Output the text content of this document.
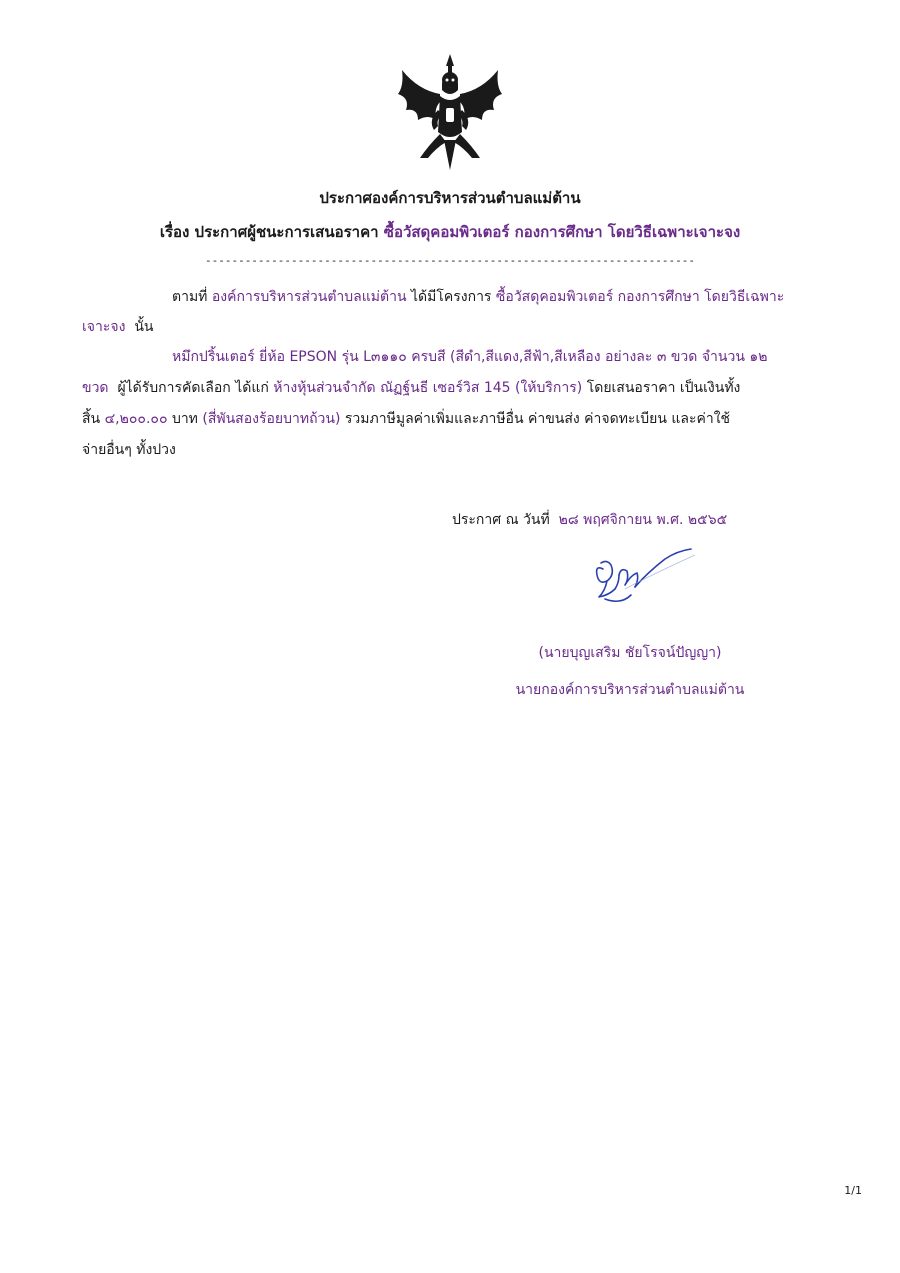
ประกาศองค์การบริหารส่วนตำบลแม่ต้าน
เรื่อง ประกาศผู้ชนะการเสนอราคา ซื้อวัสดุคอมพิวเตอร์ กองการศึกษา โดยวิธีเฉพาะเจาะจง
--------------------------------------------------------------------------
ตามที่ องค์การบริหารส่วนตำบลแม่ต้าน ได้มีโครงการ ซื้อวัสดุคอมพิวเตอร์ กองการศึกษา โดยวิธีเฉพาะ
เจาะจง นั้น
หมึกปริ้นเตอร์ ยี่ห้อ EPSON รุ่น L๓๑๑๐ ครบสี (สีดำ,สีแดง,สีฟ้า,สีเหลือง อย่างละ ๓ ขวด จำนวน ๑๒
ขวด ผู้ได้รับการคัดเลือก ได้แก่ ห้างหุ้นส่วนจำกัด ณัฏฐ์นธี เซอร์วิส 145 (ให้บริการ) โดยเสนอราคา เป็นเงินทั้ง
สิ้น ๔,๒๐๐.๐๐ บาท (สี่พันสองร้อยบาทถ้วน) รวมภาษีมูลค่าเพิ่มและภาษีอื่น ค่าขนส่ง ค่าจดทะเบียน และค่าใช้
จ่ายอื่นๆ ทั้งปวง
ประกาศ ณ วันที่ ๒๘ พฤศจิกายน พ.ศ. ๒๕๖๕
(นายบุญเสริม ชัยโรจน์ปัญญา)
นายกองค์การบริหารส่วนตำบลแม่ต้าน
1/1
